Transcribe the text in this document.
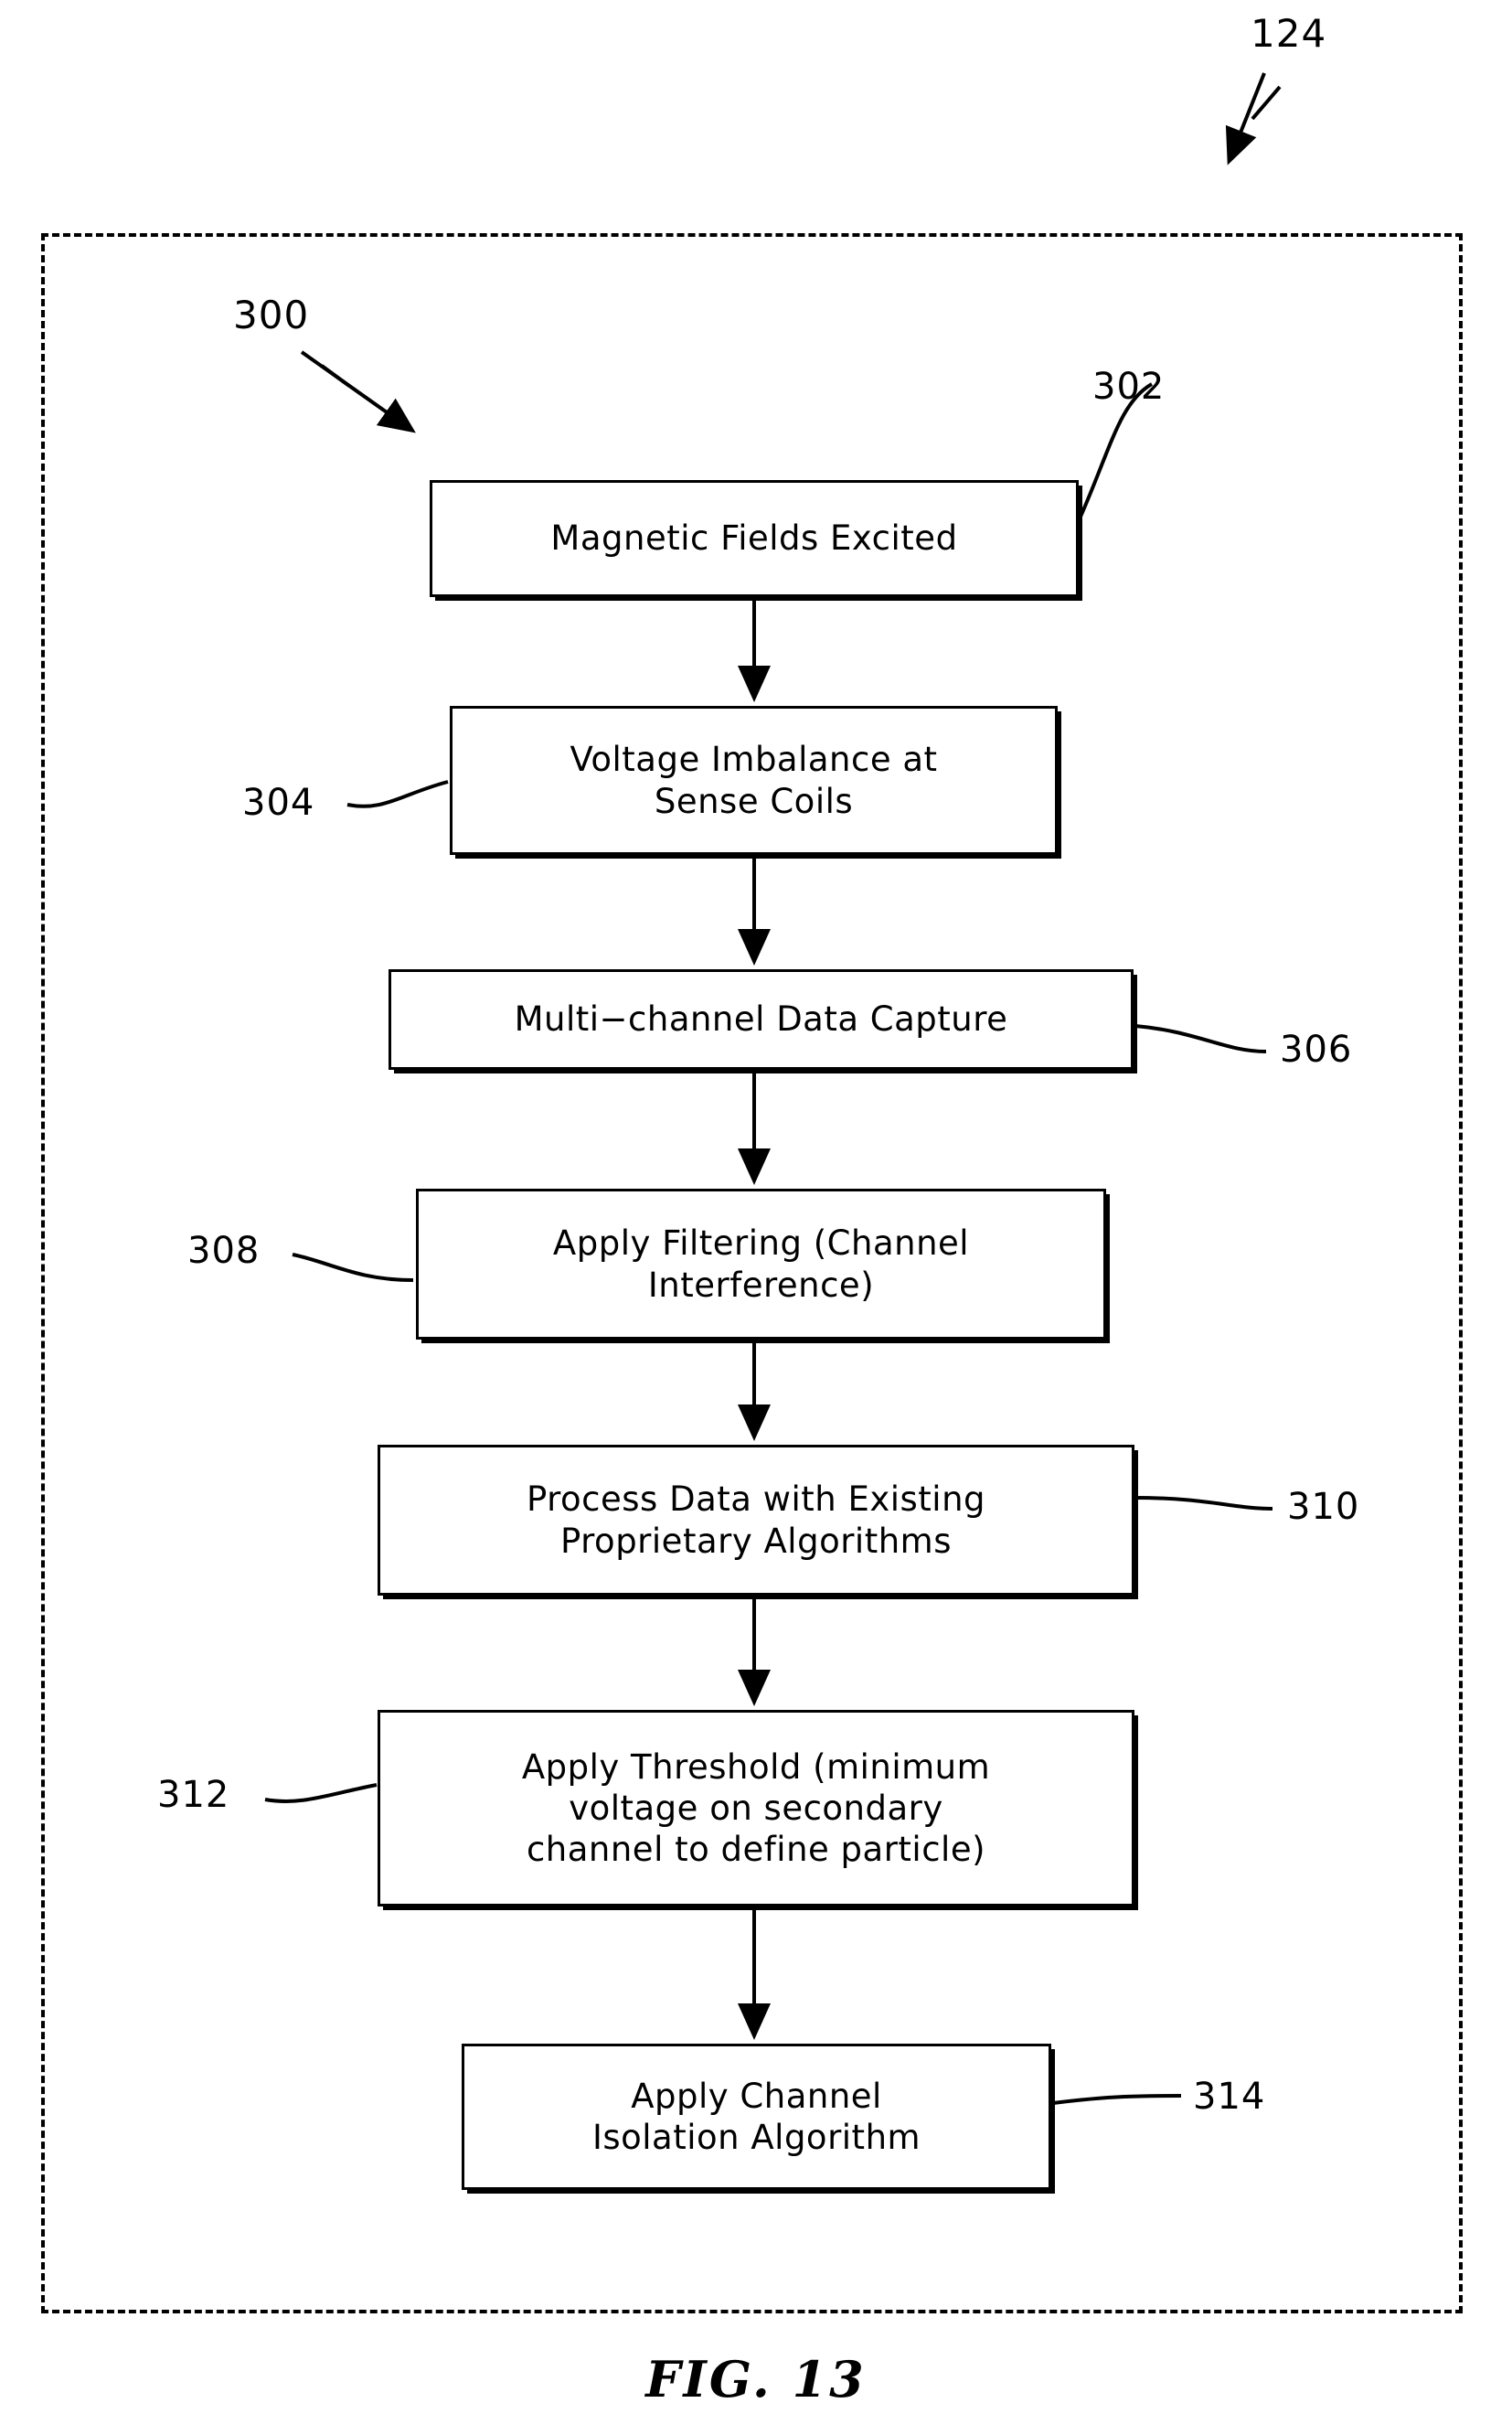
124
300
Magnetic Fields Excited
Voltage Imbalance at
Sense Coils
Multi−channel Data Capture
Apply Filtering (Channel
Interference)
Process Data with Existing
Proprietary Algorithms
Apply Threshold (minimum
voltage on secondary
channel to define particle)
Apply Channel
Isolation Algorithm
302
304
306
308
310
312
314
FIG. 13
